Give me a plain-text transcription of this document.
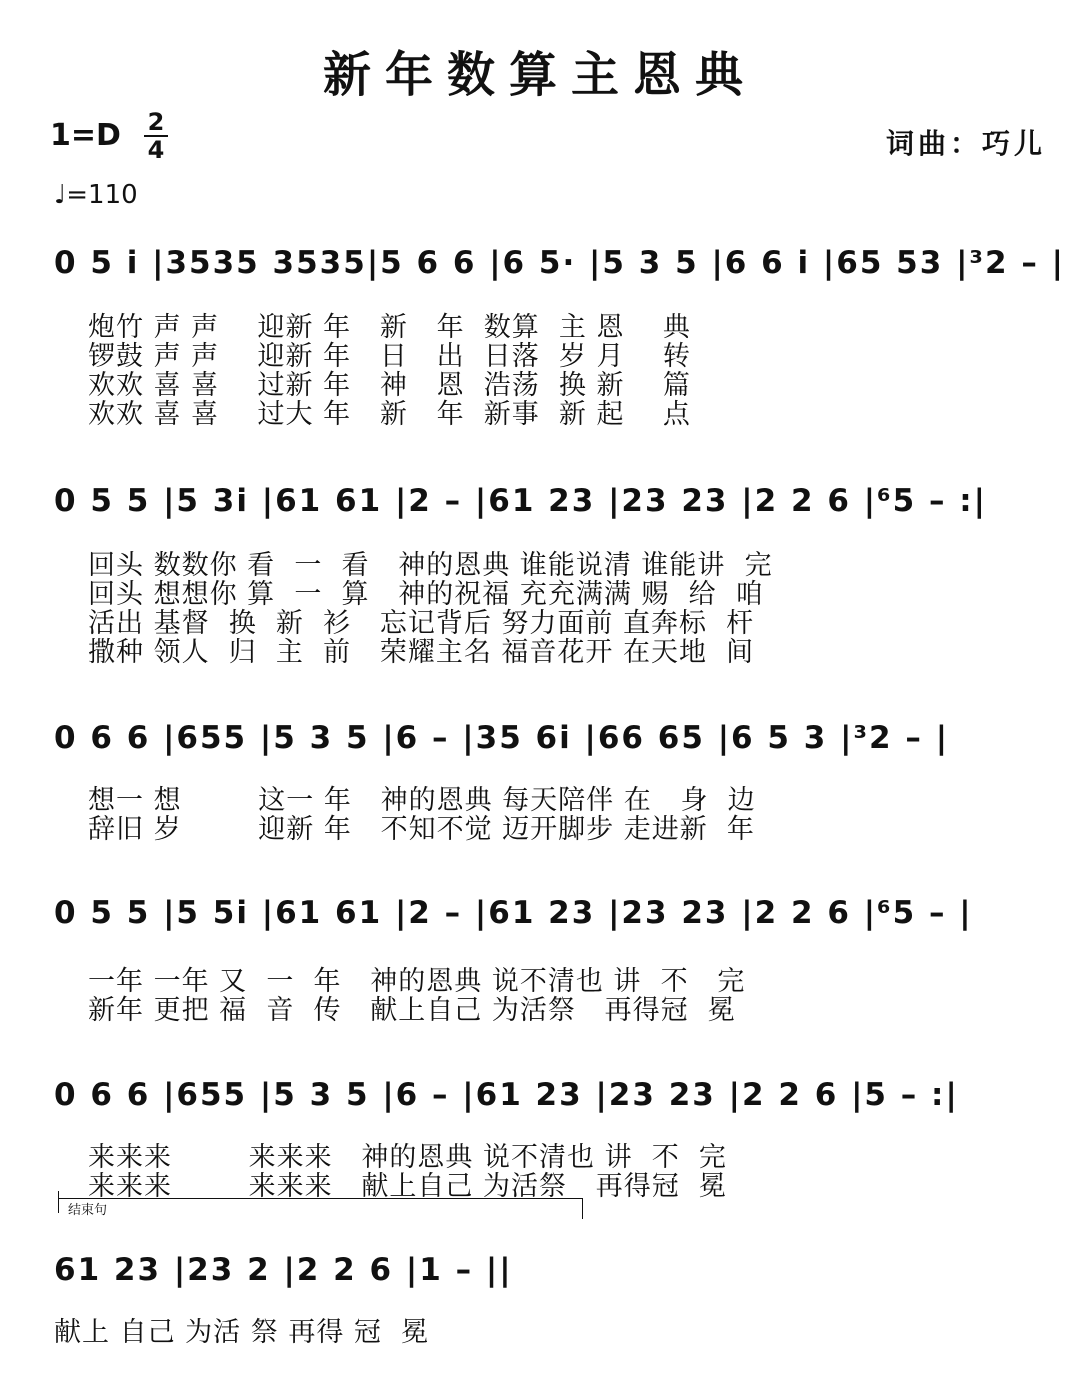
新年数算主恩典
1=D 2
4	词曲：巧儿
♩=110
0 5 i |3535 3535|5 6 6 |6 5· |5 3 5 |6 6 i |65 53 |³2 – |
炮竹 声 声    迎新 年   新   年  数算  主 恩    典
锣鼓 声 声    迎新 年   日   出  日落  岁 月    转
欢欢 喜 喜    过新 年   神   恩  浩荡  换 新    篇
欢欢 喜 喜    过大 年   新   年  新事  新 起    点
0 5 5 |5 3i |61 61 |2 – |61 23 |23 23 |2 2 6 |⁶5 – :|
回头 数数你 看  一  看   神的恩典 谁能说清 谁能讲  完
回头 想想你 算  一  算   神的祝福 充充满满 赐  给  咱
活出 基督  换  新  衫   忘记背后 努力面前 直奔标  杆
撒种 领人  归  主  前   荣耀主名 福音花开 在天地  间
0 6 6 |655 |5 3 5 |6 – |35 6i |66 65 |6 5 3 |³2 – |
想一 想        这一 年   神的恩典 每天陪伴 在   身  边
辞旧 岁        迎新 年   不知不觉 迈开脚步 走进新  年
0 5 5 |5 5i |61 61 |2 – |61 23 |23 23 |2 2 6 |⁶5 – |
一年 一年 又  一  年   神的恩典 说不清也 讲  不   完
新年 更把 福  音  传   献上自己 为活祭   再得冠  冕
0 6 6 |655 |5 3 5 |6 – |61 23 |23 23 |2 2 6 |5 – :|
来来来        来来来   神的恩典 说不清也 讲  不  完
来来来        来来来   献上自己 为活祭   再得冠  冕
结束句
61 23 |23 2 |2 2 6 |1 – ||
献上 自己 为活 祭 再得 冠  冕
